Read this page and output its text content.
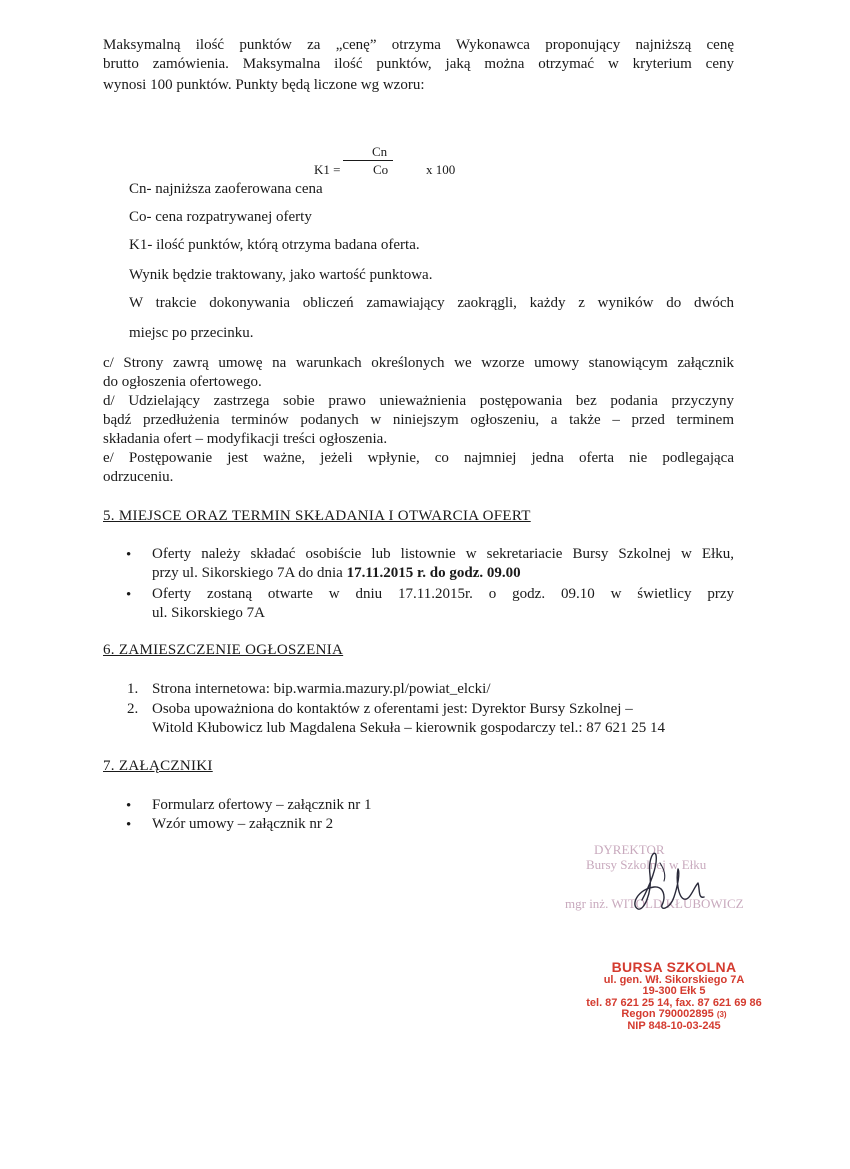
Maksymalną ilość punktów za „cenę” otrzyma Wykonawca proponujący najniższą cenę
brutto zamówienia. Maksymalna ilość punktów, jaką można otrzymać w kryterium ceny
wynosi 100 punktów. Punkty będą liczone wg wzoru:
Cn
K1 =	Co	x 100
Cn- najniższa zaoferowana cena
Co- cena rozpatrywanej oferty
K1- ilość punktów, którą otrzyma badana oferta.
Wynik będzie traktowany, jako wartość punktowa.
W trakcie dokonywania obliczeń zamawiający zaokrągli, każdy z wyników do dwóch
miejsc po przecinku.
c/ Strony zawrą umowę na warunkach określonych we wzorze umowy stanowiącym załącznik
do ogłoszenia ofertowego.
d/ Udzielający zastrzega sobie prawo unieważnienia postępowania bez podania przyczyny
bądź przedłużenia terminów podanych w niniejszym ogłoszeniu, a także – przed terminem
składania ofert – modyfikacji treści ogłoszenia.
e/ Postępowanie jest ważne, jeżeli wpłynie, co najmniej jedna oferta nie podlegająca
odrzuceniu.
5. MIEJSCE ORAZ TERMIN SKŁADANIA I OTWARCIA OFERT
• Oferty należy składać osobiście lub listownie w sekretariacie Bursy Szkolnej w Ełku,
przy ul. Sikorskiego 7A do dnia 17.11.2015 r. do godz. 09.00
• Oferty zostaną otwarte w dniu 17.11.2015r. o godz. 09.10 w świetlicy przy
ul. Sikorskiego 7A
6. ZAMIESZCZENIE OGŁOSZENIA
1. Strona internetowa: bip.warmia.mazury.pl/powiat_elcki/
2. Osoba upoważniona do kontaktów z oferentami jest: Dyrektor Bursy Szkolnej –
Witold Kłubowicz lub Magdalena Sekuła – kierownik gospodarczy tel.: 87 621 25 14
7. ZAŁĄCZNIKI
• Formularz ofertowy – załącznik nr 1
• Wzór umowy – załącznik nr 2
DYREKTOR
Bursy Szkolnej w Ełku
mgr inż. WITOLD KŁUBOWICZ
BURSA SZKOLNA
ul. gen. Wł. Sikorskiego 7A
19-300 Ełk 5
tel. 87 621 25 14, fax. 87 621 69 86
Regon 790002895 (3)
NIP 848-10-03-245
